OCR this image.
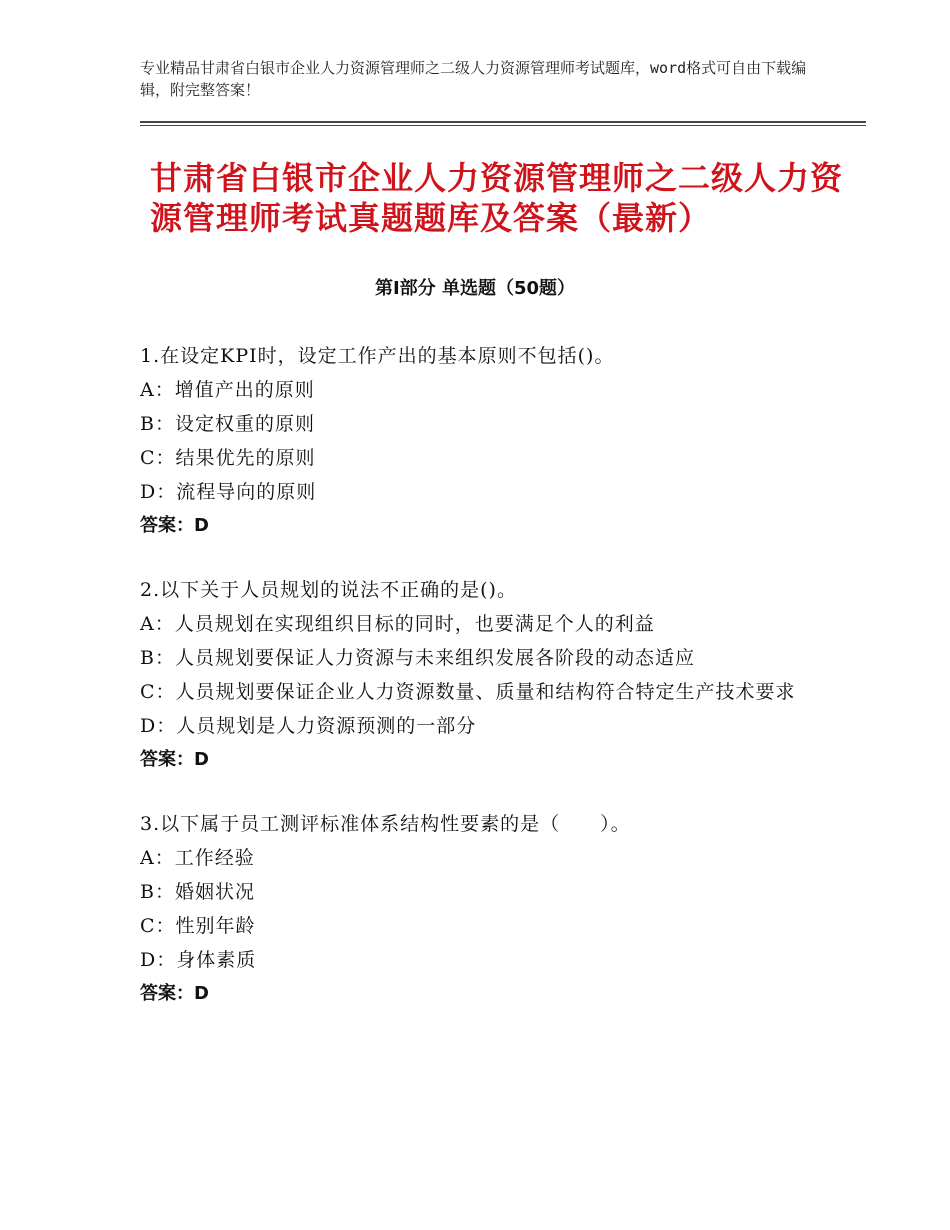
专业精品甘肃省白银市企业人力资源管理师之二级人力资源管理师考试题库，word格式可自由下载编辑，附完整答案！
甘肃省白银市企业人力资源管理师之二级人力资源管理师考试真题题库及答案（最新）
第Ⅰ部分 单选题（50题）
1.在设定KPI时，设定工作产出的基本原则不包括()。
A：增值产出的原则
B：设定权重的原则
C：结果优先的原则
D：流程导向的原则
答案：D
2.以下关于人员规划的说法不正确的是()。
A：人员规划在实现组织目标的同时，也要满足个人的利益
B：人员规划要保证人力资源与未来组织发展各阶段的动态适应
C：人员规划要保证企业人力资源数量、质量和结构符合特定生产技术要求
D：人员规划是人力资源预测的一部分
答案：D
3.以下属于员工测评标准体系结构性要素的是（　　）。
A：工作经验
B：婚姻状况
C：性别年龄
D：身体素质
答案：D
